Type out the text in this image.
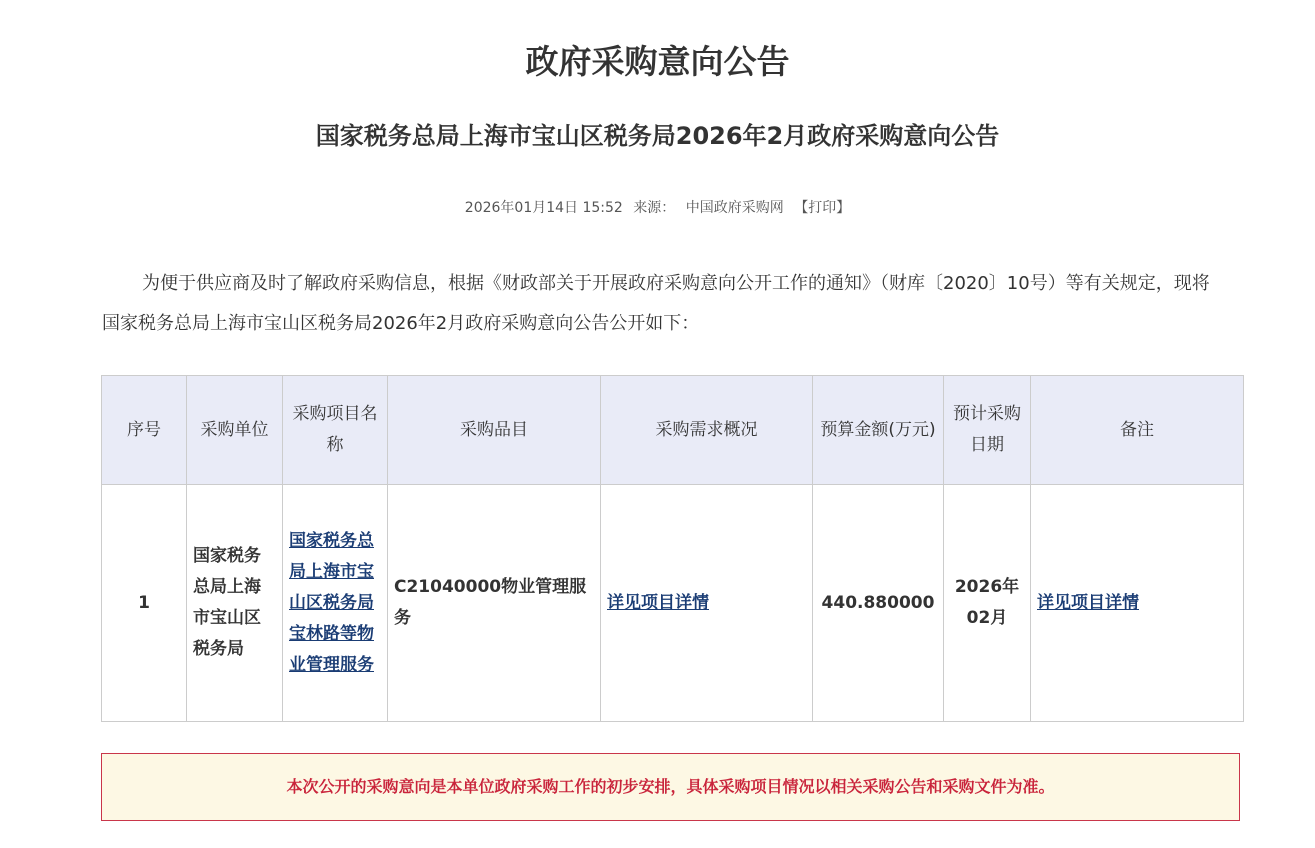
政府采购意向公告
国家税务总局上海市宝山区税务局2026年2月政府采购意向公告
2026年01月14日 15:52 来源： 中国政府采购网 【打印】

为便于供应商及时了解政府采购信息，根据《财政部关于开展政府采购意向公开工作的通知》（财库〔2020〕10号）等有关规定，现将国家税务总局上海市宝山区税务局2026年2月政府采购意向公告公开如下：

序号	采购单位	采购项目名称	采购品目	采购需求概况	预算金额(万元)	预计采购日期	备注
1	国家税务总局上海市宝山区税务局	国家税务总局上海市宝山区税务局宝林路等物业管理服务	C21040000物业管理服务	详见项目详情	440.880000	2026年02月	详见项目详情
本次公开的采购意向是本单位政府采购工作的初步安排，具体采购项目情况以相关采购公告和采购文件为准。
